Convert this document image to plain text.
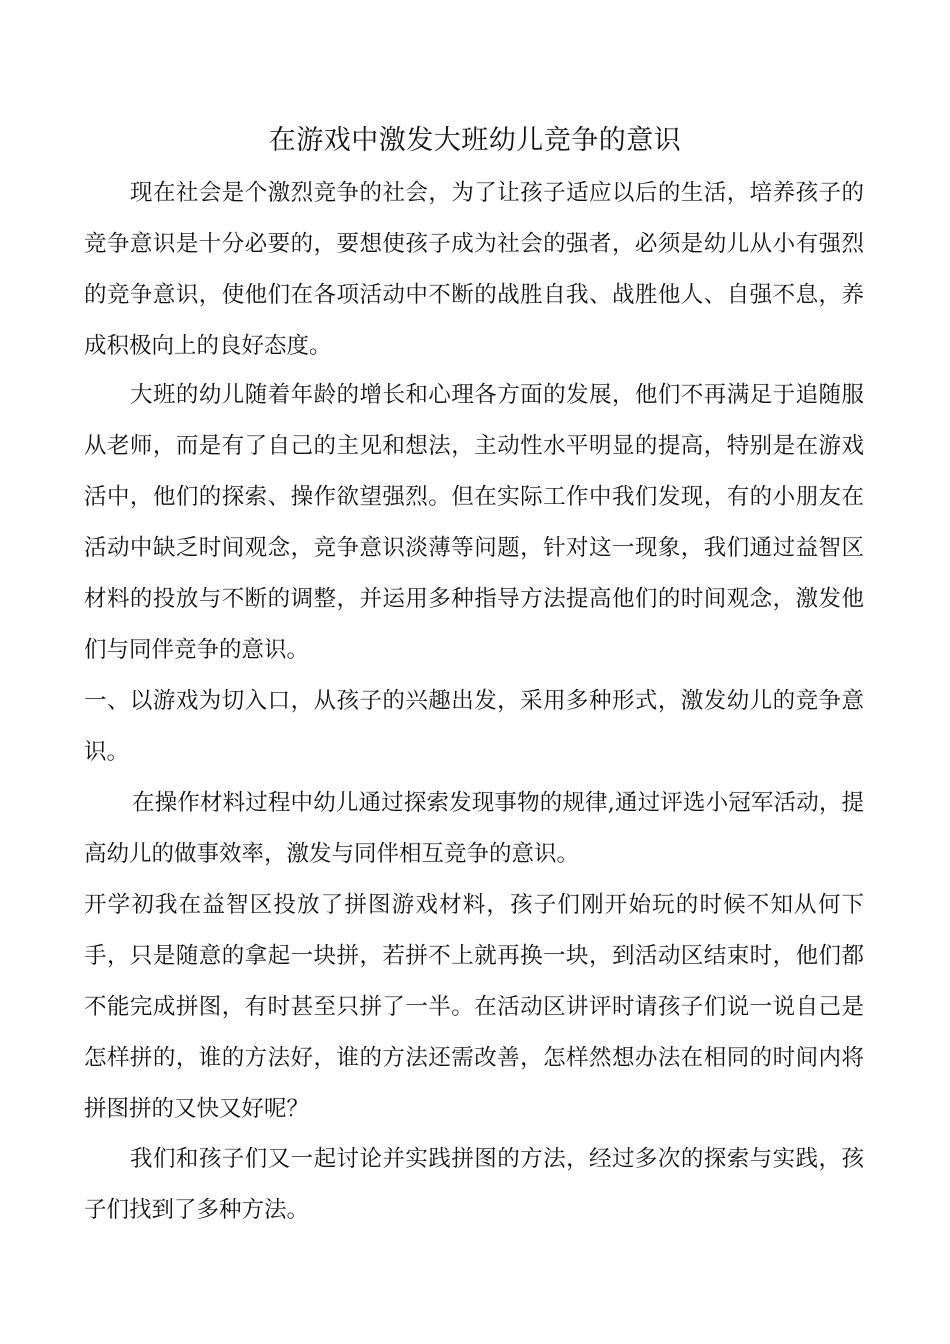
在游戏中激发大班幼儿竞争的意识

现在社会是个激烈竞争的社会，为了让孩子适应以后的生活，培养孩子的竞争意识是十分必要的，要想使孩子成为社会的强者，必须是幼儿从小有强烈的竞争意识，使他们在各项活动中不断的战胜自我、战胜他人、自强不息，养成积极向上的良好态度。

大班的幼儿随着年龄的增长和心理各方面的发展，他们不再满足于追随服从老师，而是有了自己的主见和想法，主动性水平明显的提高，特别是在游戏活中，他们的探索、操作欲望强烈。但在实际工作中我们发现，有的小朋友在活动中缺乏时间观念，竞争意识淡薄等问题，针对这一现象，我们通过益智区材料的投放与不断的调整，并运用多种指导方法提高他们的时间观念，激发他们与同伴竞争的意识。

一、以游戏为切入口，从孩子的兴趣出发，采用多种形式，激发幼儿的竞争意识。

在操作材料过程中幼儿通过探索发现事物的规律,通过评选小冠军活动，提高幼儿的做事效率，激发与同伴相互竞争的意识。

开学初我在益智区投放了拼图游戏材料，孩子们刚开始玩的时候不知从何下手，只是随意的拿起一块拼，若拼不上就再换一块，到活动区结束时，他们都不能完成拼图，有时甚至只拼了一半。在活动区讲评时请孩子们说一说自己是怎样拼的，谁的方法好，谁的方法还需改善，怎样然想办法在相同的时间内将拼图拼的又快又好呢？

我们和孩子们又一起讨论并实践拼图的方法，经过多次的探索与实践，孩子们找到了多种方法。
